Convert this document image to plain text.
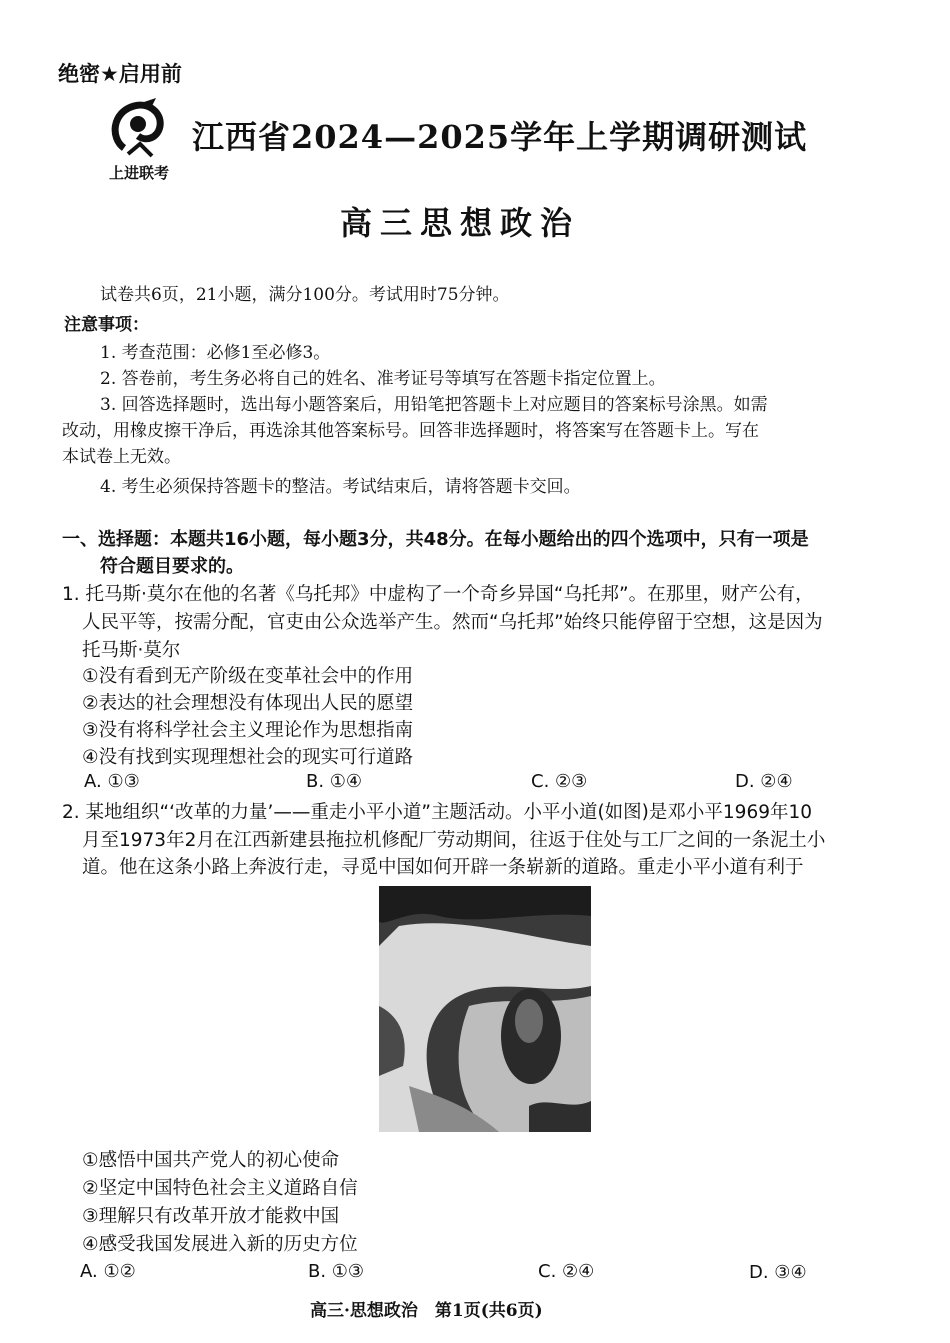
绝密★启用前
上进联考
江西省2024—2025学年上学期调研测试
高三思想政治
试卷共6页，21小题，满分100分。考试用时75分钟。
注意事项：
1. 考查范围：必修1至必修3。
2. 答卷前，考生务必将自己的姓名、准考证号等填写在答题卡指定位置上。
3. 回答选择题时，选出每小题答案后，用铅笔把答题卡上对应题目的答案标号涂黑。如需
改动，用橡皮擦干净后，再选涂其他答案标号。回答非选择题时，将答案写在答题卡上。写在
本试卷上无效。
4. 考生必须保持答题卡的整洁。考试结束后，请将答题卡交回。
一、选择题：本题共16小题，每小题3分，共48分。在每小题给出的四个选项中，只有一项是
符合题目要求的。
1. 托马斯·莫尔在他的名著《乌托邦》中虚构了一个奇乡异国“乌托邦”。在那里，财产公有，
人民平等，按需分配，官吏由公众选举产生。然而“乌托邦”始终只能停留于空想，这是因为
托马斯·莫尔
①没有看到无产阶级在变革社会中的作用
②表达的社会理想没有体现出人民的愿望
③没有将科学社会主义理论作为思想指南
④没有找到实现理想社会的现实可行道路
A. ①③	B. ①④	C. ②③	D. ②④
2. 某地组织“‘改革的力量’——重走小平小道”主题活动。小平小道(如图)是邓小平1969年10
月至1973年2月在江西新建县拖拉机修配厂劳动期间，往返于住处与工厂之间的一条泥土小
道。他在这条小路上奔波行走，寻觅中国如何开辟一条崭新的道路。重走小平小道有利于
①感悟中国共产党人的初心使命
②坚定中国特色社会主义道路自信
③理解只有改革开放才能救中国
④感受我国发展进入新的历史方位
A. ①②	B. ①③	C. ②④	D. ③④
高三·思想政治　第1页(共6页)
